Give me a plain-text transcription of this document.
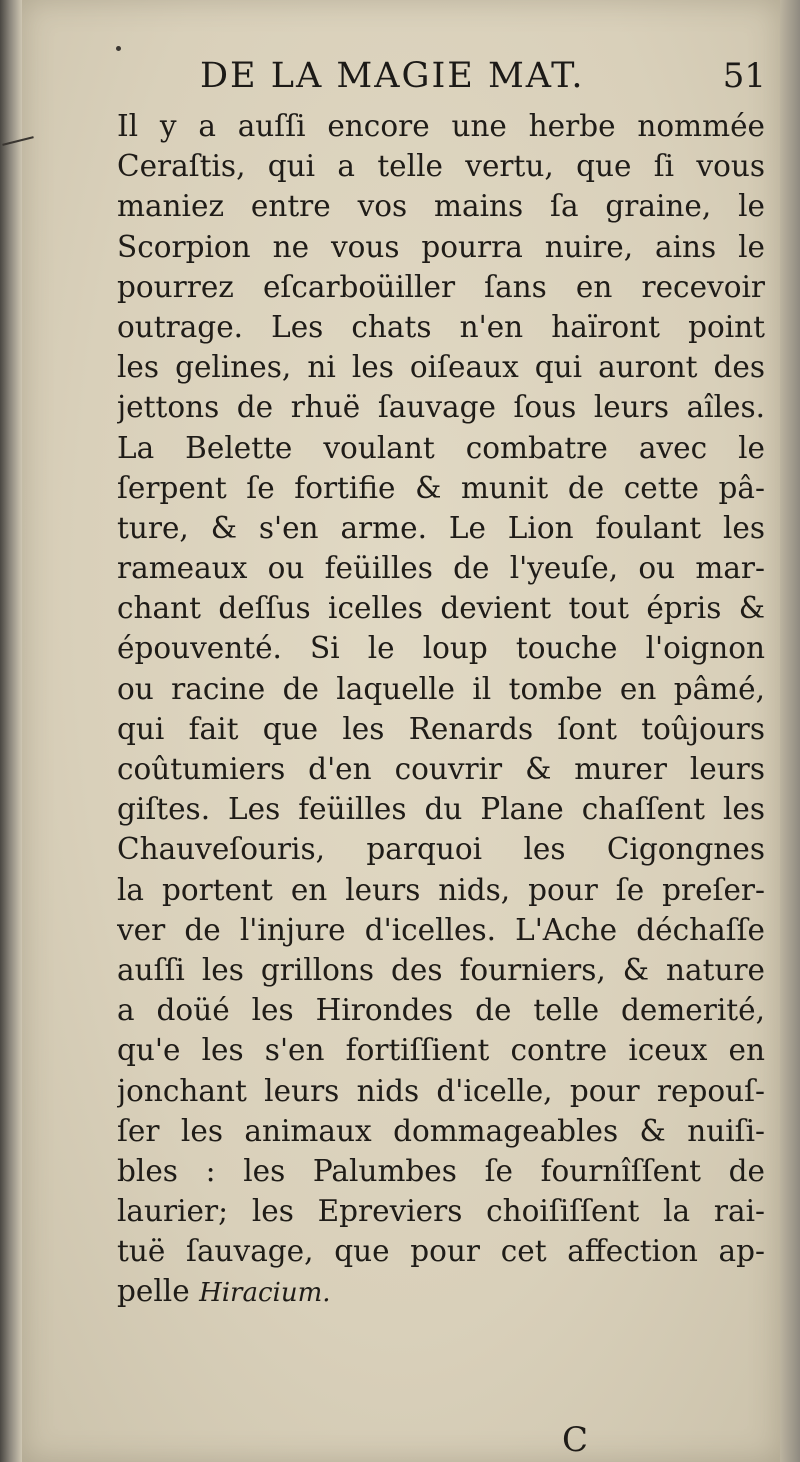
DE LA MAGIE MAT.	51
Il y a auſſi encore une herbe nommée
Ceraſtis, qui a telle vertu, que ſi vous
maniez entre vos mains ſa graine, le
Scorpion ne vous pourra nuire, ains le
pourrez eſcarboüiller ſans en recevoir
outrage. Les chats n'en haïront point
les gelines, ni les oiſeaux qui auront des
jettons de rhuë ſauvage ſous leurs aîles.
La Belette voulant combatre avec le
ſerpent ſe fortifie & munit de cette pâ-
ture, & s'en arme. Le Lion foulant les
rameaux ou feüilles de l'yeuſe, ou mar-
chant deſſus icelles devient tout épris &
épouventé. Si le loup touche l'oignon
ou racine de laquelle il tombe en pâmé,
qui fait que les Renards ſont toûjours
coûtumiers d'en couvrir & murer leurs
giſtes. Les feüilles du Plane chaſſent les
Chauveſouris, parquoi les Cigongnes
la portent en leurs nids, pour ſe preſer-
ver de l'injure d'icelles. L'Ache déchaſſe
auſſi les grillons des fourniers, & nature
a doüé les Hirondes de telle demerité,
qu'e les s'en fortiſſient contre iceux en
jonchant leurs nids d'icelle, pour repouſ-
ſer les animaux dommageables & nuiſi-
bles : les Palumbes ſe fournîſſent de
laurier; les Epreviers choiſiſſent la rai-
tuë ſauvage, que pour cet affection ap-
pelle Hiracium.
C
